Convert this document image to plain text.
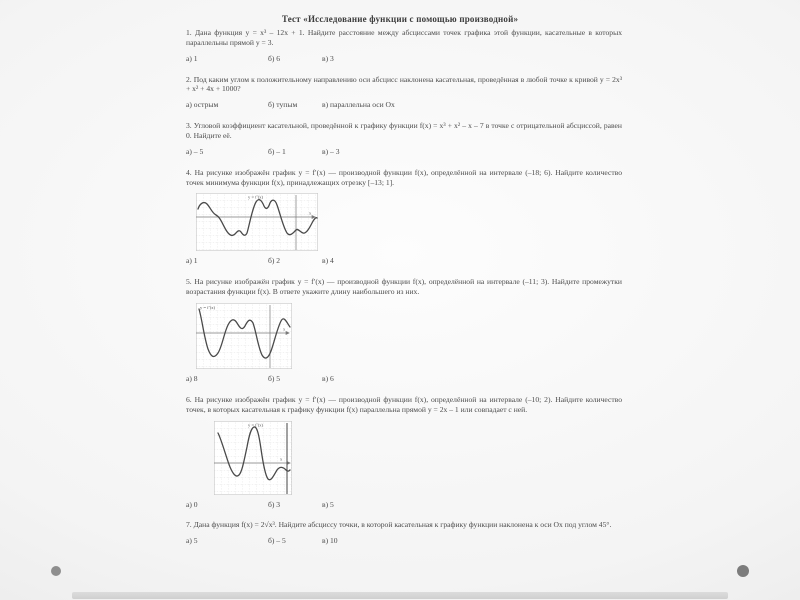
Тест «Исследование функции с помощью производной»

1. Дана функция y = x³ – 12x + 1. Найдите расстояние между абсциссами точек графика этой функции, касательные в которых параллельны прямой y = 3.

а) 1	б) 6	в) 3

2. Под каким углом к положительному направлению оси абсцисс наклонена касательная, проведённая в любой точке к кривой y = 2x³ + x² + 4x + 1000?

а) острым	б) тупым	в) параллельна оси Ох

3. Угловой коэффициент касательной, проведённой к графику функции f(x) = x³ + x² – x – 7 в точке с отрицательной абсциссой, равен 0. Найдите её.

а) – 5	б) – 1	в) – 3

4. На рисунке изображён график y = f′(x) — производной функции f(x), определённой на интервале (–18; 6). Найдите количество точек минимума функции f(x), принадлежащих отрезку [–13; 1].

y = f′(x)
x
а) 1	б) 2	в) 4

5. На рисунке изображён график y = f′(x) — производной функции f(x), определённой на интервале (–11; 3). Найдите промежутки возрастания функции f(x). В ответе укажите длину наибольшего из них.

y = f′(x)
x
а) 8	б) 5	в) 6

6. На рисунке изображён график y = f′(x) — производной функции f(x), определённой на интервале (–10; 2). Найдите количество точек, в которых касательная к графику функции f(x) параллельна прямой y = 2x – 1 или совпадает с ней.

y = f′(x)
x
а) 0	б) 3	в) 5

7. Дана функция f(x) = 2√x³. Найдите абсциссу точки, в которой касательная к графику функции наклонена к оси Ох под углом 45°.

а) 5	б) – 5	в) 10
